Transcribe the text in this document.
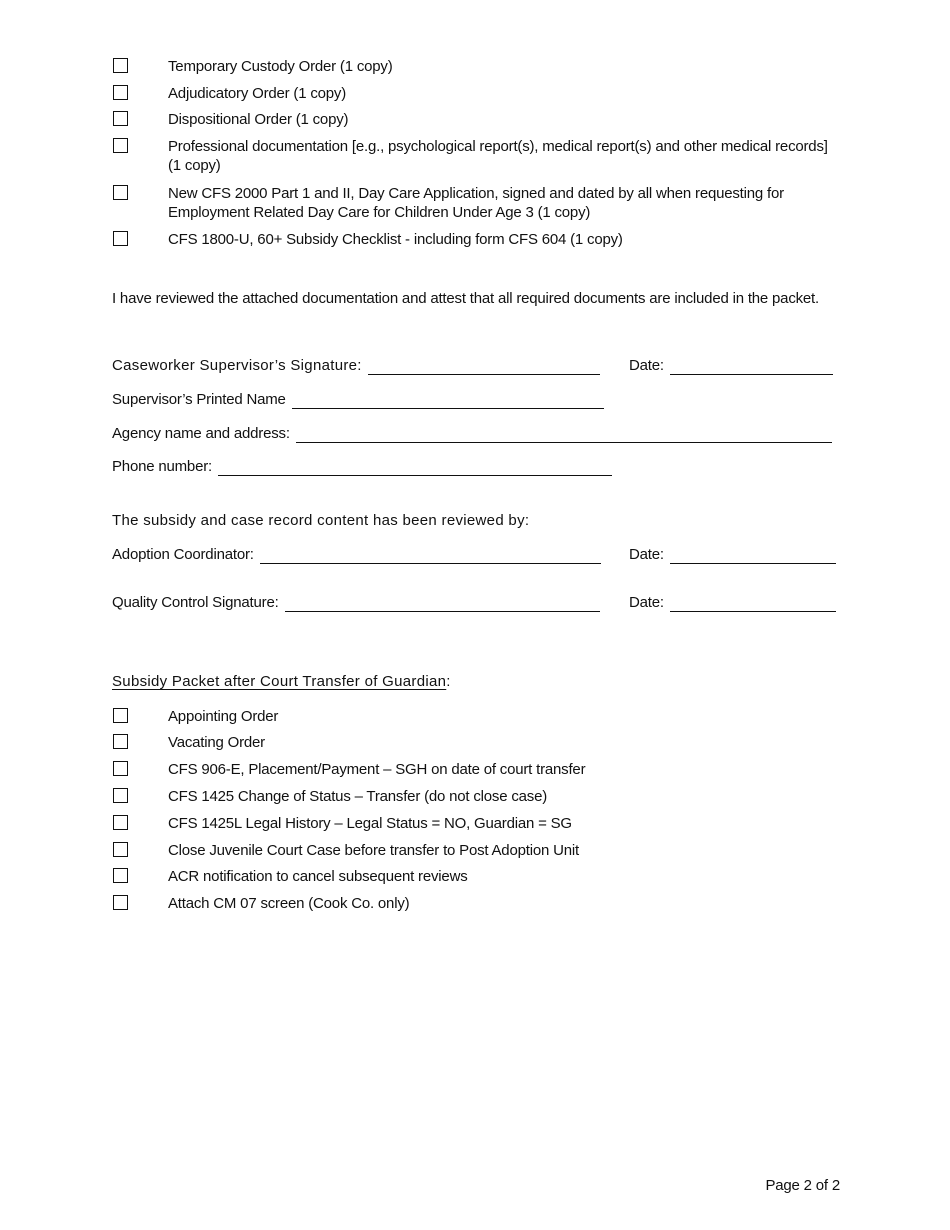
Temporary Custody Order (1 copy)
Adjudicatory Order (1 copy)
Dispositional Order (1 copy)
Professional documentation [e.g., psychological report(s), medical report(s) and other medical records] (1 copy)
New CFS 2000 Part 1 and II, Day Care Application, signed and dated by all when requesting for Employment Related Day Care for Children Under Age 3 (1 copy)
CFS 1800-U, 60+ Subsidy Checklist - including form CFS 604 (1 copy)
I have reviewed the attached documentation and attest that all required documents are included in the packet.
Caseworker Supervisor’s Signature:	Date:
Supervisor’s Printed Name
Agency name and address:
Phone number:
The subsidy and case record content has been reviewed by:
Adoption Coordinator:	Date:
Quality Control Signature:	Date:
Subsidy Packet after Court Transfer of Guardian:
Appointing Order
Vacating Order
CFS 906-E, Placement/Payment – SGH on date of court transfer
CFS 1425 Change of Status – Transfer (do not close case)
CFS 1425L Legal History – Legal Status = NO, Guardian = SG
Close Juvenile Court Case before transfer to Post Adoption Unit
ACR notification to cancel subsequent reviews
Attach CM 07 screen (Cook Co. only)
Page 2 of 2
